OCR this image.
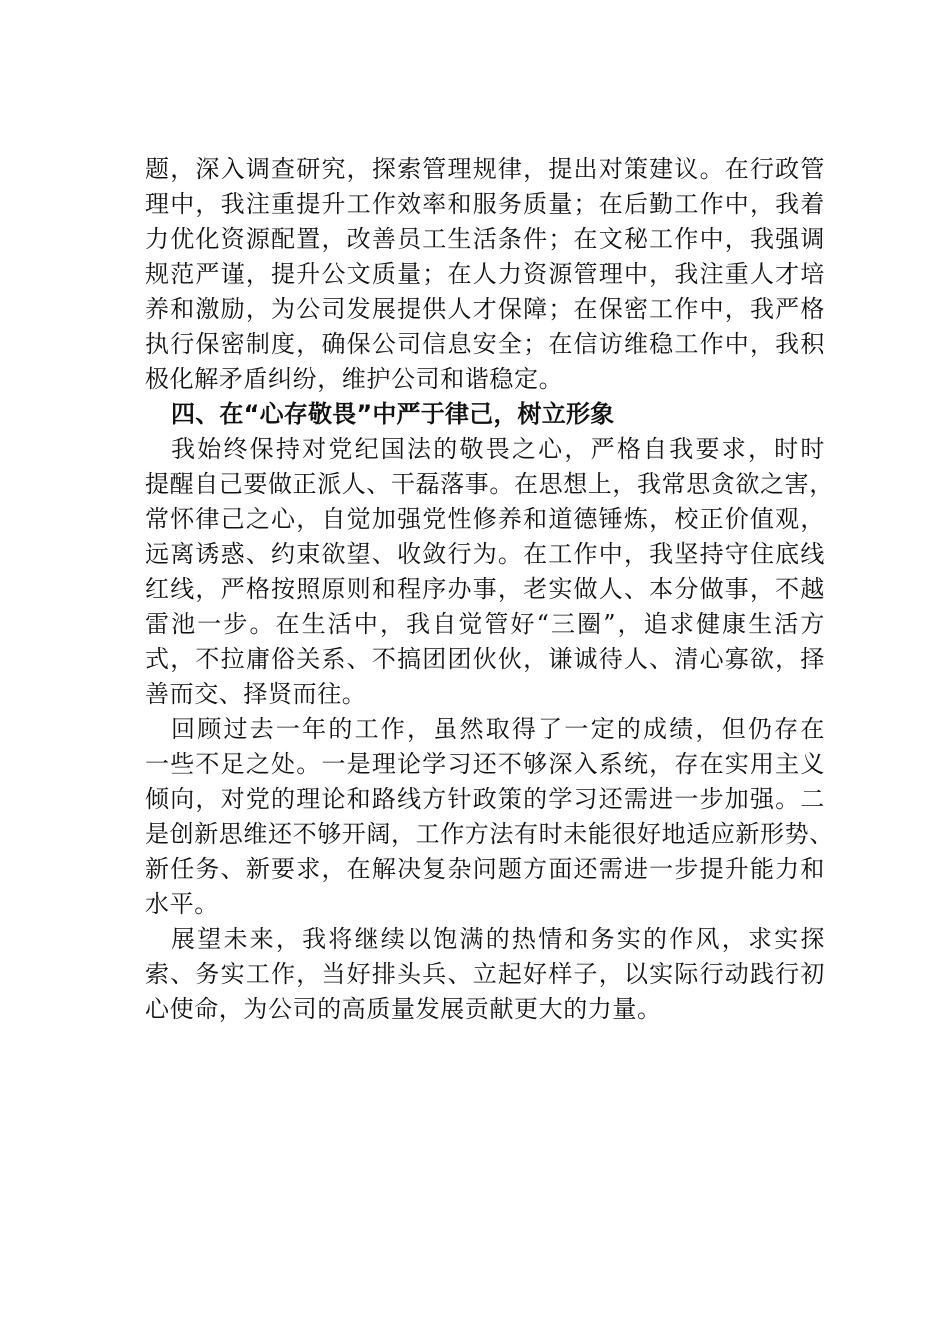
题，深入调查研究，探索管理规律，提出对策建议。在行政管
理中，我注重提升工作效率和服务质量；在后勤工作中，我着
力优化资源配置，改善员工生活条件；在文秘工作中，我强调
规范严谨，提升公文质量；在人力资源管理中，我注重人才培
养和激励，为公司发展提供人才保障；在保密工作中，我严格
执行保密制度，确保公司信息安全；在信访维稳工作中，我积
极化解矛盾纠纷，维护公司和谐稳定。
四、在“心存敬畏”中严于律己，树立形象
我始终保持对党纪国法的敬畏之心，严格自我要求，时时
提醒自己要做正派人、干磊落事。在思想上，我常思贪欲之害，
常怀律己之心，自觉加强党性修养和道德锤炼，校正价值观，
远离诱惑、约束欲望、收敛行为。在工作中，我坚持守住底线
红线，严格按照原则和程序办事，老实做人、本分做事，不越
雷池一步。在生活中，我自觉管好“三圈”，追求健康生活方
式，不拉庸俗关系、不搞团团伙伙，谦诚待人、清心寡欲，择
善而交、择贤而往。
回顾过去一年的工作，虽然取得了一定的成绩，但仍存在
一些不足之处。一是理论学习还不够深入系统，存在实用主义
倾向，对党的理论和路线方针政策的学习还需进一步加强。二
是创新思维还不够开阔，工作方法有时未能很好地适应新形势、
新任务、新要求，在解决复杂问题方面还需进一步提升能力和
水平。
展望未来，我将继续以饱满的热情和务实的作风，求实探
索、务实工作，当好排头兵、立起好样子，以实际行动践行初
心使命，为公司的高质量发展贡献更大的力量。
